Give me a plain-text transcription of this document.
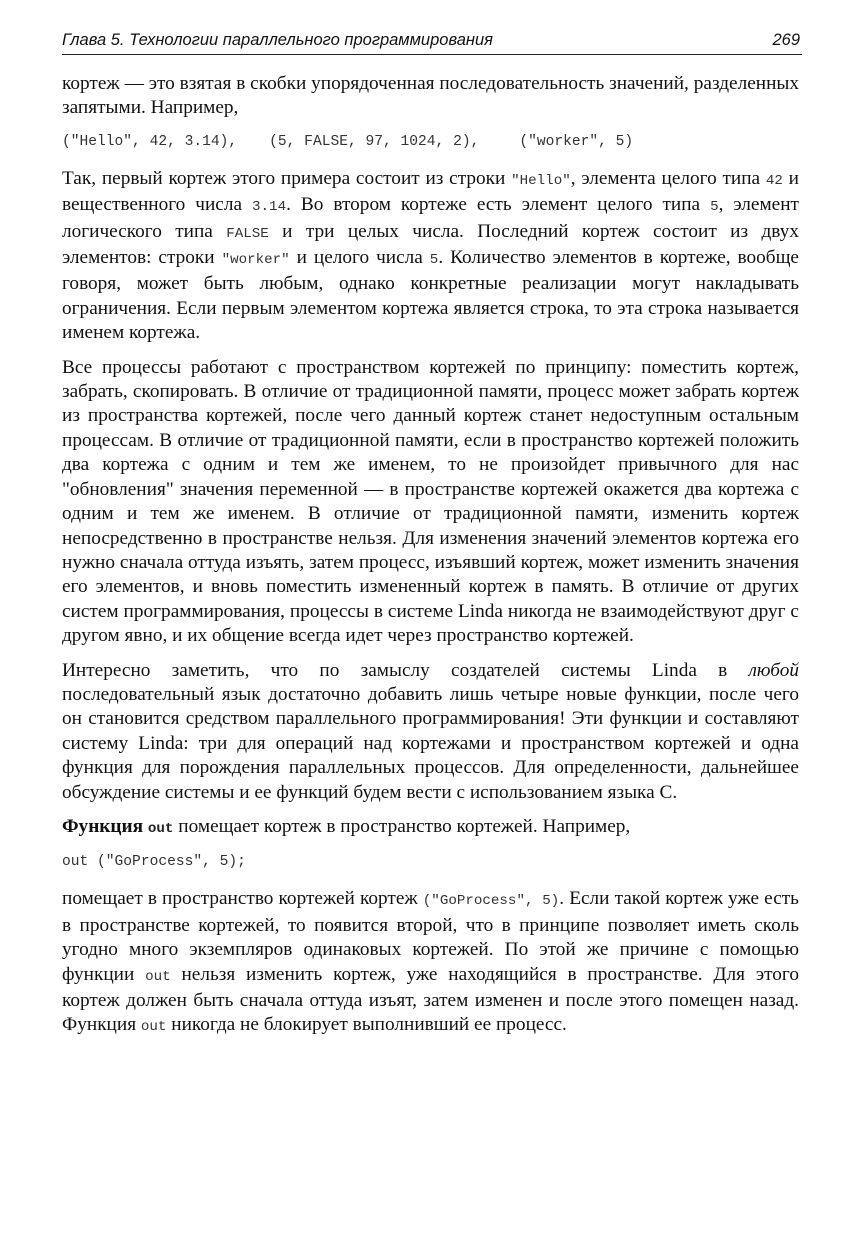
Глава 5. Технологии параллельного программирования	269

кортеж — это взятая в скобки упорядоченная последовательность значений, разделенных запятыми. Например,

("Hello", 42, 3.14), (5, FALSE, 97, 1024, 2),	("worker", 5)

Так, первый кортеж этого примера состоит из строки "Hello", элемента целого типа 42 и вещественного числа 3.14. Во втором кортеже есть элемент целого типа 5, элемент логического типа FALSE и три целых числа. Последний кортеж состоит из двух элементов: строки "worker" и целого числа 5. Количество элементов в кортеже, вообще говоря, может быть любым, однако конкретные реализации могут накладывать ограничения. Если первым элементом кортежа является строка, то эта строка называется именем кортежа.

Все процессы работают с пространством кортежей по принципу: поместить кортеж, забрать, скопировать. В отличие от традиционной памяти, процесс может забрать кортеж из пространства кортежей, после чего данный кортеж станет недоступным остальным процессам. В отличие от традиционной памяти, если в пространство кортежей положить два кортежа с одним и тем же именем, то не произойдет привычного для нас "обновления" значения переменной — в пространстве кортежей окажется два кортежа с одним и тем же именем. В отличие от традиционной памяти, изменить кортеж непосредственно в пространстве нельзя. Для изменения значений элементов кортежа его нужно сначала оттуда изъять, затем процесс, изъявший кортеж, может изменить значения его элементов, и вновь поместить измененный кортеж в память. В отличие от других систем программирования, процессы в системе Linda никогда не взаимодействуют друг с другом явно, и их общение всегда идет через пространство кортежей.

Интересно заметить, что по замыслу создателей системы Linda в любой последовательный язык достаточно добавить лишь четыре новые функции, после чего он становится средством параллельного программирования! Эти функции и составляют систему Linda: три для операций над кортежами и пространством кортежей и одна функция для порождения параллельных процессов. Для определенности, дальнейшее обсуждение системы и ее функций будем вести с использованием языка С.

Функция out помещает кортеж в пространство кортежей. Например,

out ("GoProcess", 5);

помещает в пространство кортежей кортеж ("GoProcess", 5). Если такой кортеж уже есть в пространстве кортежей, то появится второй, что в принципе позволяет иметь сколь угодно много экземпляров одинаковых кортежей. По этой же причине с помощью функции out нельзя изменить кортеж, уже находящийся в пространстве. Для этого кортеж должен быть сначала оттуда изъят, затем изменен и после этого помещен назад. Функция out никогда не блокирует выполнивший ее процесс.
